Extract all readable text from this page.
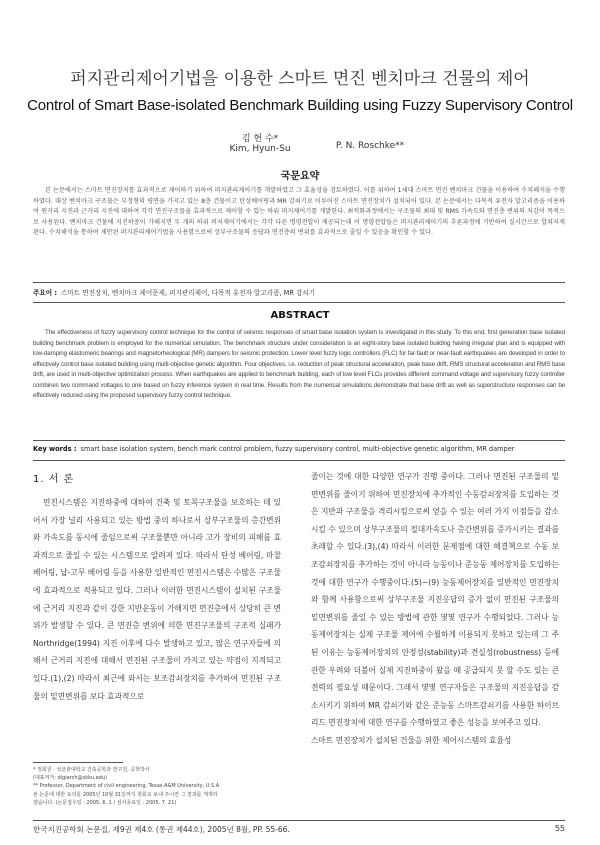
퍼지관리제어기법을 이용한 스마트 면진 벤치마크 건물의 제어
Control of Smart Base-isolated Benchmark Building using Fuzzy Supervisory Control
김 현 수*
Kim, Hyun-Su	P. N. Roschke**
국문요약
본 논문에서는 스마트 면진장치를 효과적으로 제어하기 위하여 퍼지관리제어기를 개발하였고 그 효율성을 검토하였다. 이를 위하여 1세대 스마트 면진 벤치마크 건물을 이용하여 수치해석을 수행하였다. 대상 벤치마크 구조물은 부정형의 평면을 가지고 있는 8층 건물이고 탄성베어링과 MR 감쇠기로 이루어진 스마트 면진장치가 설치되어 있다. 본 논문에서는 다목적 유전자 알고리즘을 이용하여 원거리 지진과 근거리 지진에 대하여 각각 면진구조물을 효과적으로 제어할 수 있는 하위 퍼지제어기를 개발한다. 최적화과정에서는 구조물의 최대 및 RMS 가속도와 면진층 변위의 저감이 목적으로 사용된다. 벤치마크 건물에 지진하중이 가해지면 두 개의 하위 퍼지제어기에서는 각각 다른 명령전압이 제공되는데 이 명령전압들은 퍼지관리제어기의 추론과정에 기반하여 실시간으로 합쳐지게 된다. 수치해석을 통하여 제안된 퍼지관리제어기법을 사용함으로써 상부구조물의 응답과 면진층의 변위를 효과적으로 줄일 수 있음을 확인할 수 있다.
주요어 : 스마트 면진장치, 벤치마크 제어문제, 퍼지관리제어, 다목적 유전자 알고리즘, MR 감쇠기
ABSTRACT
The effectiveness of fuzzy supervisory control technique for the control of seismic responses of smart base isolation system is investigated in this study. To this end, first generation base isolated building benchmark problem is employed for the numerical simulation. The benchmark structure under consideration is an eight-story base isolated building having irregular plan and is equipped with low-damping elastomeric bearings and magnetorheological (MR) dampers for seismic protection. Lower level fuzzy logic controllers (FLC) for far-fault or near-fault earthquakes are developed in order to effectively control base isolated building using multi-objective genetic algorithm. Four objectives, i.e. reduction of peak structural acceleration, peak base drift, RMS structural acceleration and RMS base drift, are used in multi-objective optimization process. When earthquakes are applied to benchmark building, each of low level FLCs provides different command voltage and supervisory fuzzy controller combines two command voltages to one based on fuzzy inference system in real time. Results from the numerical simulations demonstrate that base drift as well as superstructure responses can be effectively reduced using the proposed supervisory fuzzy control technique.
Key words : smart base isolation system, bench mark control problem, fuzzy supervisory control, multi-objective genetic algorithm, MR damper
1. 서 론
면진시스템은 지진하중에 대하여 건축 및 토목구조물을 보호하는 데 있어서 가장 널리 사용되고 있는 방법 중의 하나로서 상부구조물의 층간변위와 가속도를 동시에 줄임으로써 구조물뿐만 아니라 고가 장비의 피해를 효과적으로 줄일 수 있는 시스템으로 알려져 있다. 따라서 탄성 베어링, 마찰 베어링, 납-고무 베어링 등을 사용한 일반적인 면진시스템은 수많은 구조물에 효과적으로 적용되고 있다. 그러나 이러한 면진시스템이 설치된 구조물에 근거리 지진과 같이 강한 지반운동이 가해지면 면진층에서 상당히 큰 변위가 발생할 수 있다. 큰 면진층 변위에 의한 면진구조물의 구조적 실패가 Northridge(1994) 지진 이후에 다수 발생하고 있고, 많은 연구자들에 의해서 근거리 지진에 대해서 면진된 구조물이 가지고 있는 약점이 지적되고 있다.(1),(2) 따라서 최근에 와서는 보조감쇠장치를 추가하여 면진된 구조물의 밑면변위를 보다 효과적으로
줄이는 것에 대한 다양한 연구가 진행 중이다. 그러나 면진된 구조물의 밑면변위를 줄이기 위하여 면진장치에 추가적인 수동감쇠장치를 도입하는 것은 지반과 구조물을 격리시킴으로써 얻을 수 있는 여러 가지 이점들을 감소시킬 수 있으며 상부구조물의 절대가속도나 층간변위를 증가시키는 결과를 초래할 수 있다.(3),(4) 따라서 이러한 문제점에 대한 해결책으로 수동 보조감쇠장치를 추가하는 것이 아니라 능동이나 준능동 제어장치를 도입하는 것에 대한 연구가 수행중이다.(5)~(9) 능동제어장치를 일반적인 면진장치와 함께 사용함으로써 상부구조물 지진응답의 증가 없이 면진된 구조물의 밑면변위를 줄일 수 있는 방법에 관한 몇몇 연구가 수행되었다. 그러나 능동제어장치는 실제 구조물 제어에 수월하게 이용되지 못하고 있는데 그 주된 이유는 능동제어장치의 안정성(stability)과 견실성(robustness) 등에 관한 우려와 더불어 실제 지진하중이 왔을 때 공급되지 못 할 수도 있는 큰 전력의 필요성 때문이다. 그래서 몇몇 연구자들은 구조물의 지진응답을 감소시키기 위하여 MR 감쇠기와 같은 준능동 스마트감쇠기를 사용한 하이브리드 면진장치에 대한 연구를 수행하였고 좋은 성능을 보여주고 있다.
스마트 면진장치가 설치된 건물을 위한 제어시스템의 효율성
* 정회원 · 성균관대학교 건축공학과 연구원, 공학박사
(대표저자: digiarch@skku.edu)
** Professor, Department of civil engineering, Texas A&M University, U.S.A
본 논문에 대한 토의를 2005년 10월 31일까지 학회로 보내 주시면 그 결과를 게재하
겠습니다. (논문접수일 : 2005. 6. 1 / 심사종료일 : 2005. 7. 21)
한국지진공학회 논문집, 제9권 제4호 (통권 제44호), 2005년 8월, PP. 55-66.	55
